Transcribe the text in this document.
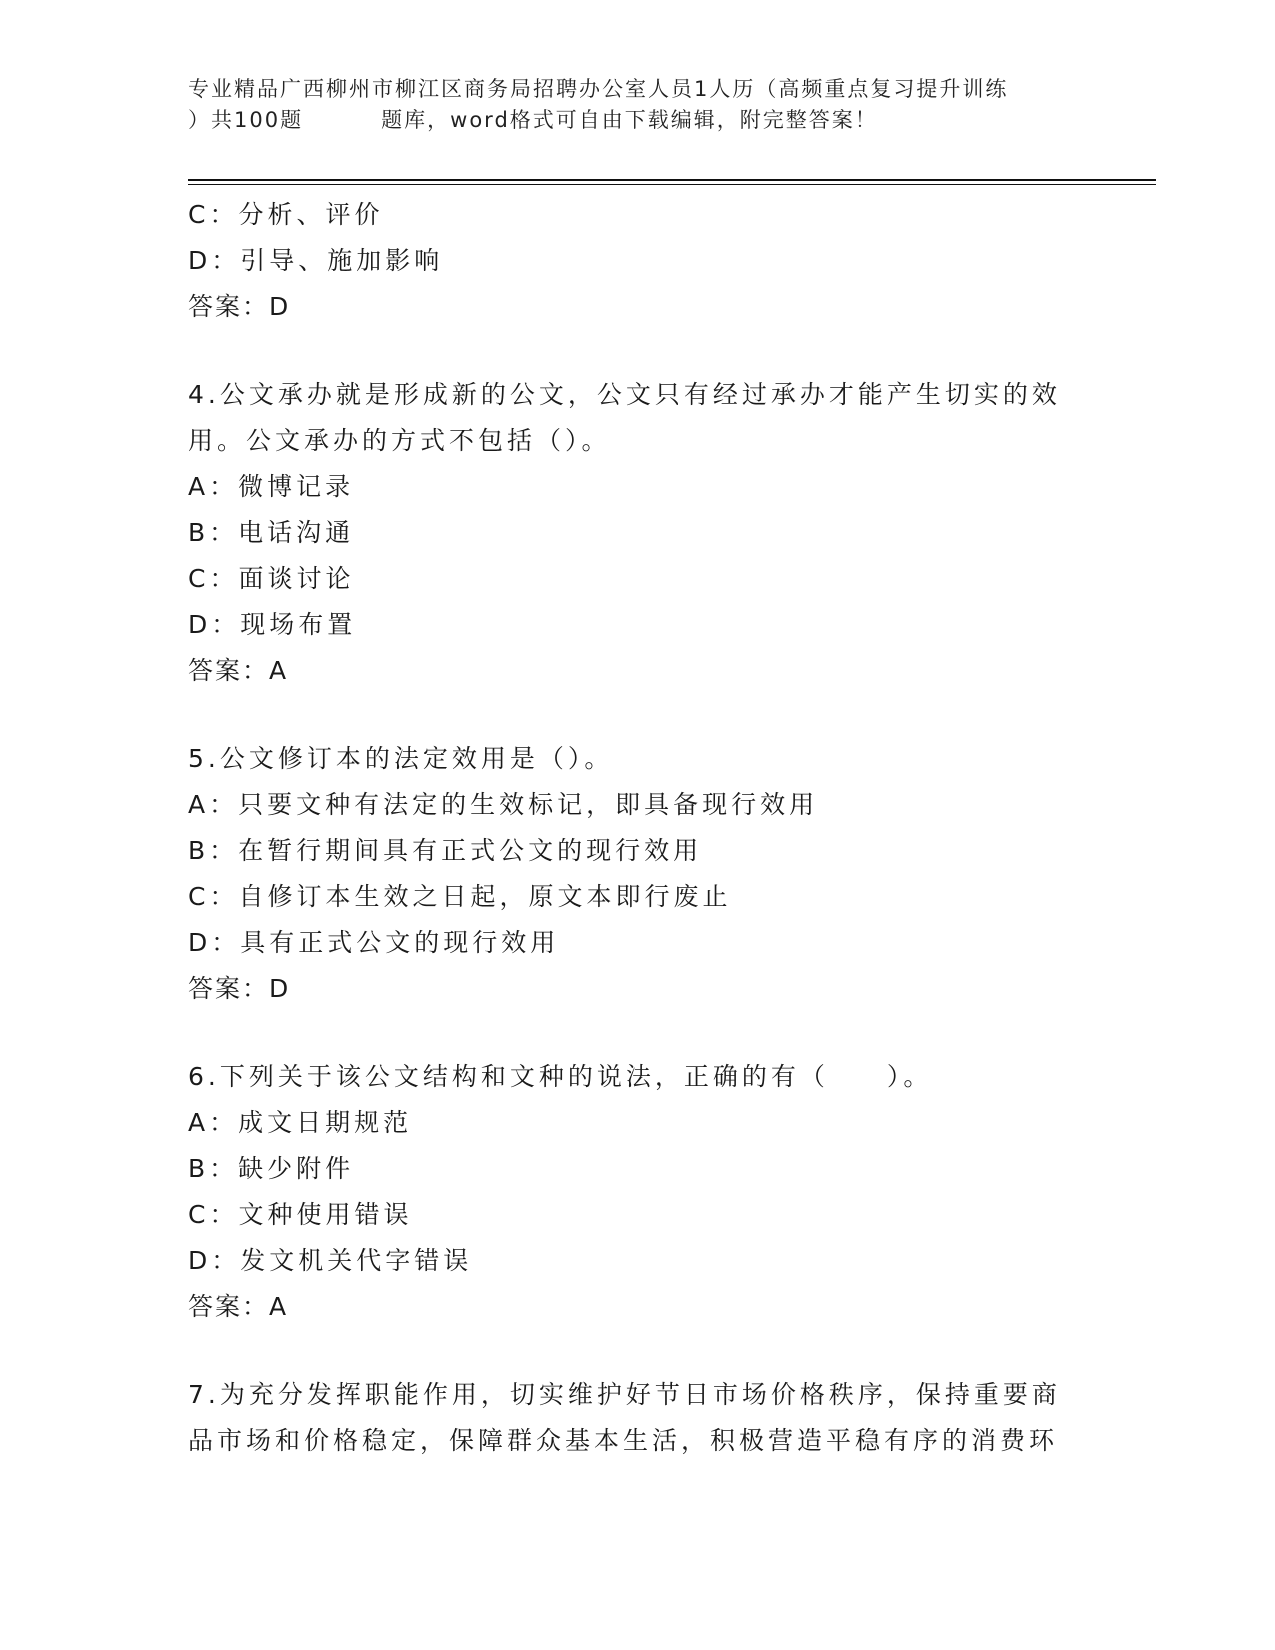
专业精品广西柳州市柳江区商务局招聘办公室人员1人历（高频重点复习提升训练
）共100题         题库，word格式可自由下载编辑，附完整答案！
C：分析、评价
D：引导、施加影响
答案：D
4.公文承办就是形成新的公文，公文只有经过承办才能产生切实的效
用。公文承办的方式不包括（）。
A：微博记录
B：电话沟通
C：面谈讨论
D：现场布置
答案：A
5.公文修订本的法定效用是（）。
A：只要文种有法定的生效标记，即具备现行效用
B：在暂行期间具有正式公文的现行效用
C：自修订本生效之日起，原文本即行废止
D：具有正式公文的现行效用
答案：D
6.下列关于该公文结构和文种的说法，正确的有（　　）。
A：成文日期规范
B：缺少附件
C：文种使用错误
D：发文机关代字错误
答案：A
7.为充分发挥职能作用，切实维护好节日市场价格秩序，保持重要商
品市场和价格稳定，保障群众基本生活，积极营造平稳有序的消费环
